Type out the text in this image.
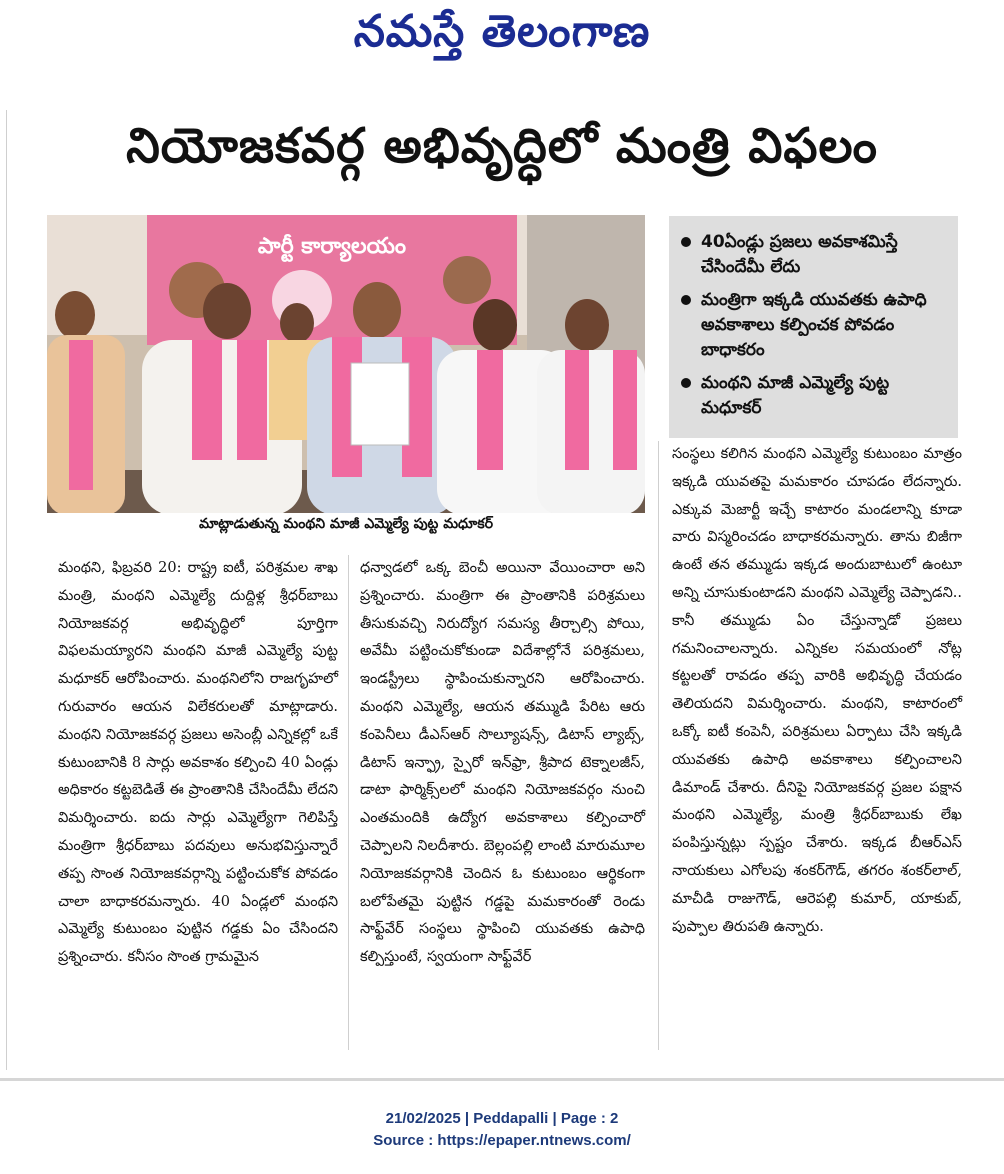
నమస్తే తెలంగాణ
నియోజకవర్గ అభివృద్ధిలో మంత్రి విఫలం
పార్టీ కార్యాలయం
మాట్లాడుతున్న మంథని మాజీ ఎమ్మెల్యే పుట్ట మధూకర్
40ఏండ్లు ప్రజలు అవకాశమిస్తే చేసిందేమీ లేదు
మంత్రిగా ఇక్కడి యువతకు ఉపాధి అవకాశాలు కల్పించక పోవడం బాధాకరం
మంథని మాజీ ఎమ్మెల్యే పుట్ట మధూకర్
మంథని, ఫిబ్రవరి 20: రాష్ట్ర ఐటీ, పరిశ్రమల శాఖ మంత్రి, మంథని ఎమ్మెల్యే దుద్దిళ్ల శ్రీధర్‌బాబు నియోజకవర్గ అభివృద్ధిలో పూర్తిగా విఫలమయ్యారని మంథని మాజీ ఎమ్మెల్యే పుట్ట మధూకర్ ఆరోపించారు. మంథనిలోని రాజగృహలో గురువారం ఆయన విలేకరులతో మాట్లాడారు. మంథని నియోజకవర్గ ప్రజలు అసెంబ్లీ ఎన్నికల్లో ఒకే కుటుంబానికి 8 సార్లు అవకాశం కల్పించి 40 ఏండ్లు అధికారం కట్టబెడితే ఈ ప్రాంతానికి చేసిందేమీ లేదని విమర్శించారు. ఐదు సార్లు ఎమ్మెల్యేగా గెలిపిస్తే మంత్రిగా శ్రీధర్‌బాబు పదవులు అనుభవిస్తున్నారే తప్ప సొంత నియోజకవర్గాన్ని పట్టించుకోక పోవడం చాలా బాధాకరమన్నారు. 40 ఏండ్లలో మంథని ఎమ్మెల్యే కుటుంబం పుట్టిన గడ్డకు ఏం చేసిందని ప్రశ్నించారు. కనీసం సొంత గ్రామమైన
ధన్వాడలో ఒక్క బెంచీ అయినా వేయించారా అని ప్రశ్నించారు. మంత్రిగా ఈ ప్రాంతానికి పరిశ్రమలు తీసుకువచ్చి నిరుద్యోగ సమస్య తీర్చాల్సి పోయి, అవేమీ పట్టించుకోకుండా విదేశాల్లోనే పరిశ్రమలు, ఇండస్ట్రీలు స్థాపించుకున్నారని ఆరోపించారు. మంథని ఎమ్మెల్యే, ఆయన తమ్ముడి పేరిట ఆరు కంపెనీలు డీఎస్‌ఆర్ సొల్యూషన్స్, డిటాస్ ల్యాబ్స్, డిటాస్ ఇన్ఫ్రా, స్పైరో ఇన్‌ఫ్రా, శ్రీపాద టెక్నాలజీస్, డాటా ఫార్మిక్స్‌లలో మంథని నియోజకవర్గం నుంచి ఎంతమందికి ఉద్యోగ అవకాశాలు కల్పించారో చెప్పాలని నిలదీశారు. బెల్లంపల్లి లాంటి మారుమూల నియోజకవర్గానికి చెందిన ఓ కుటుంబం ఆర్థికంగా బలోపేతమై పుట్టిన గడ్డపై మమకారంతో రెండు సాఫ్ట్‌వేర్ సంస్థలు స్థాపించి యువతకు ఉపాధి కల్పిస్తుంటే, స్వయంగా సాఫ్ట్‌వేర్
సంస్థలు కలిగిన మంథని ఎమ్మెల్యే కుటుంబం మాత్రం ఇక్కడి యువతపై మమకారం చూపడం లేదన్నారు. ఎక్కువ మెజార్టీ ఇచ్చే కాటారం మండలాన్ని కూడా వారు విస్మరించడం బాధాకరమన్నారు. తాను బిజీగా ఉంటే తన తమ్ముడు ఇక్కడ అందుబాటులో ఉంటూ అన్ని చూసుకుంటాడని మంథని ఎమ్మెల్యే చెప్పాడని.. కానీ తమ్ముడు ఏం చేస్తున్నాడో ప్రజలు గమనించాలన్నారు. ఎన్నికల సమయంలో నోట్ల కట్టలతో రావడం తప్ప వారికి అభివృద్ధి చేయడం తెలియదని విమర్శించారు. మంథని, కాటారంలో ఒక్కో ఐటీ కంపెనీ, పరిశ్రమలు ఏర్పాటు చేసి ఇక్కడి యువతకు ఉపాధి అవకాశాలు కల్పించాలని డిమాండ్ చేశారు. దీనిపై నియోజకవర్గ ప్రజల పక్షాన మంథని ఎమ్మెల్యే, మంత్రి శ్రీధర్‌బాబుకు లేఖ పంపిస్తున్నట్లు స్పష్టం చేశారు. ఇక్కడ బీఆర్‌ఎస్ నాయకులు ఎగోలపు శంకర్‌గౌడ్, తగరం శంకర్‌లాల్, మాచీడి రాజుగౌడ్, ఆరెపల్లి కుమార్, యాకుబ్, పుప్పాల తిరుపతి ఉన్నారు.
21/02/2025 | Peddapalli | Page : 2
Source : https://epaper.ntnews.com/
